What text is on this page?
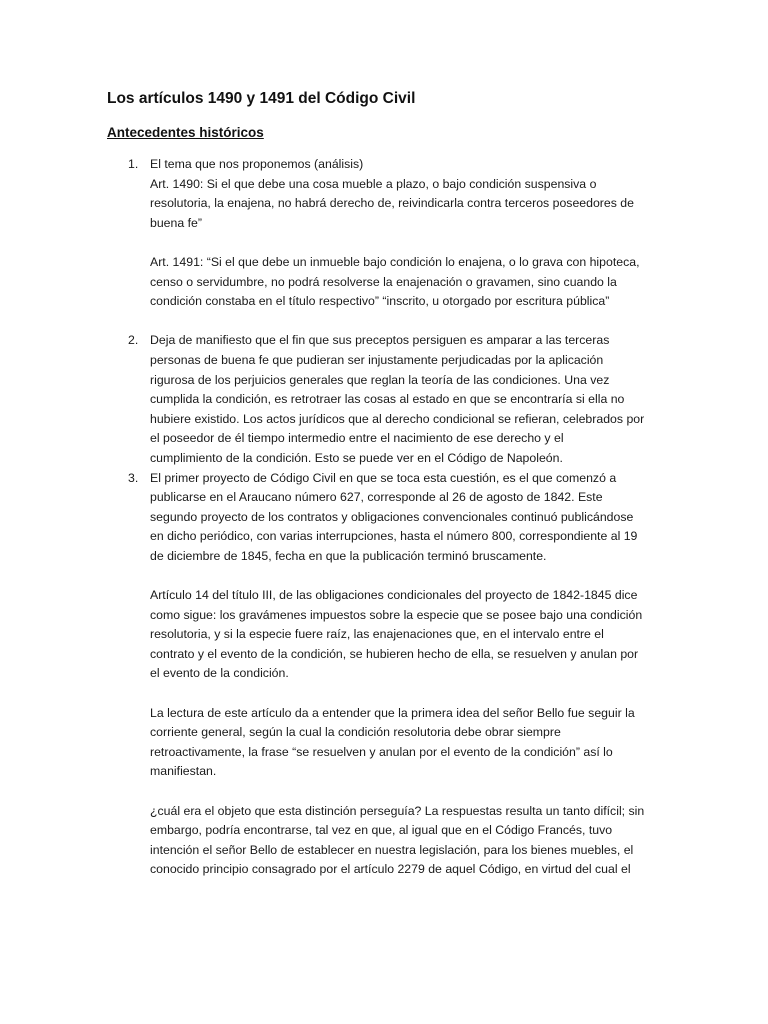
Los artículos 1490 y 1491 del Código Civil
Antecedentes históricos
1. El tema que nos proponemos (análisis)
Art. 1490: Si el que debe una cosa mueble a plazo, o bajo condición suspensiva o
resolutoria, la enajena, no habrá derecho de, reivindicarla contra terceros poseedores de
buena fe”

Art. 1491: “Si el que debe un inmueble bajo condición lo enajena, o lo grava con hipoteca,
censo o servidumbre, no podrá resolverse la enajenación o gravamen, sino cuando la
condición constaba en el título respectivo” “inscrito, u otorgado por escritura pública”

2. Deja de manifiesto que el fin que sus preceptos persiguen es amparar a las terceras
personas de buena fe que pudieran ser injustamente perjudicadas por la aplicación
rigurosa de los perjuicios generales que reglan la teoría de las condiciones. Una vez
cumplida la condición, es retrotraer las cosas al estado en que se encontraría si ella no
hubiere existido. Los actos jurídicos que al derecho condicional se refieran, celebrados por
el poseedor de él tiempo intermedio entre el nacimiento de ese derecho y el
cumplimiento de la condición. Esto se puede ver en el Código de Napoleón.

3. El primer proyecto de Código Civil en que se toca esta cuestión, es el que comenzó a
publicarse en el Araucano número 627, corresponde al 26 de agosto de 1842. Este
segundo proyecto de los contratos y obligaciones convencionales continuó publicándose
en dicho periódico, con varias interrupciones, hasta el número 800, correspondiente al 19
de diciembre de 1845, fecha en que la publicación terminó bruscamente.

Artículo 14 del título III, de las obligaciones condicionales del proyecto de 1842-1845 dice
como sigue: los gravámenes impuestos sobre la especie que se posee bajo una condición
resolutoria, y si la especie fuere raíz, las enajenaciones que, en el intervalo entre el
contrato y el evento de la condición, se hubieren hecho de ella, se resuelven y anulan por
el evento de la condición.

La lectura de este artículo da a entender que la primera idea del señor Bello fue seguir la
corriente general, según la cual la condición resolutoria debe obrar siempre
retroactivamente, la frase “se resuelven y anulan por el evento de la condición” así lo
manifiestan.

¿cuál era el objeto que esta distinción perseguía? La respuestas resulta un tanto difícil; sin
embargo, podría encontrarse, tal vez en que, al igual que en el Código Francés, tuvo
intención el señor Bello de establecer en nuestra legislación, para los bienes muebles, el
conocido principio consagrado por el artículo 2279 de aquel Código, en virtud del cual el
